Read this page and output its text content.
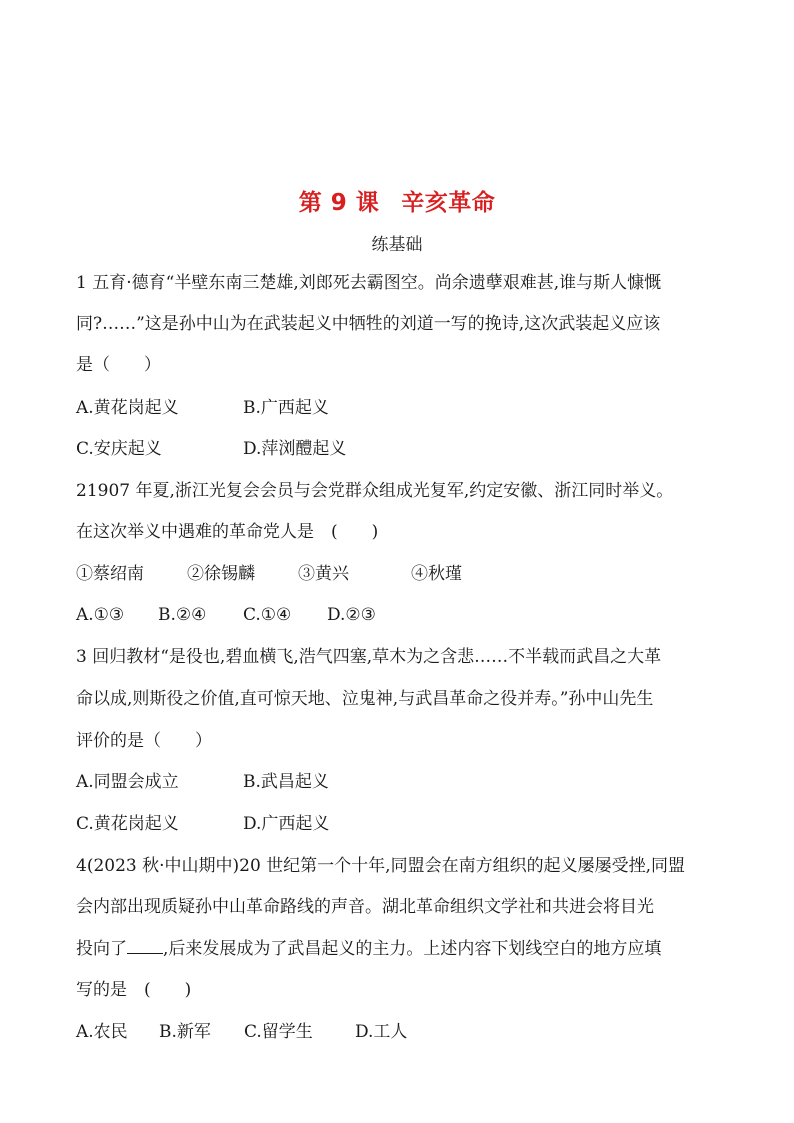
第 9 课 辛亥革命
练基础
1 五育·德育“半壁东南三楚雄,刘郎死去霸图空。尚余遗孽艰难甚,谁与斯人慷慨
同?……”这是孙中山为在武装起义中牺牲的刘道一写的挽诗,这次武装起义应该
是（　　）
A.黄花岗起义	B.广西起义
C.安庆起义	D.萍浏醴起义
21907 年夏,浙江光复会会员与会党群众组成光复军,约定安徽、浙江同时举义。
在这次举义中遇难的革命党人是　(　　)
①蔡绍南	②徐锡麟	③黄兴	④秋瑾
A.①③ B.②④ C.①④ D.②③
3 回归教材“是役也,碧血横飞,浩气四塞,草木为之含悲……不半载而武昌之大革
命以成,则斯役之价值,直可惊天地、泣鬼神,与武昌革命之役并寿。”孙中山先生
评价的是（　　）
A.同盟会成立	B.武昌起义
C.黄花岗起义	D.广西起义
4(2023 秋·中山期中)20 世纪第一个十年,同盟会在南方组织的起义屡屡受挫,同盟
会内部出现质疑孙中山革命路线的声音。湖北革命组织文学社和共进会将目光
投向了 ,后来发展成为了武昌起义的主力。上述内容下划线空白的地方应填
写的是　(　　)
A.农民 B.新军 C.留学生 D.工人
